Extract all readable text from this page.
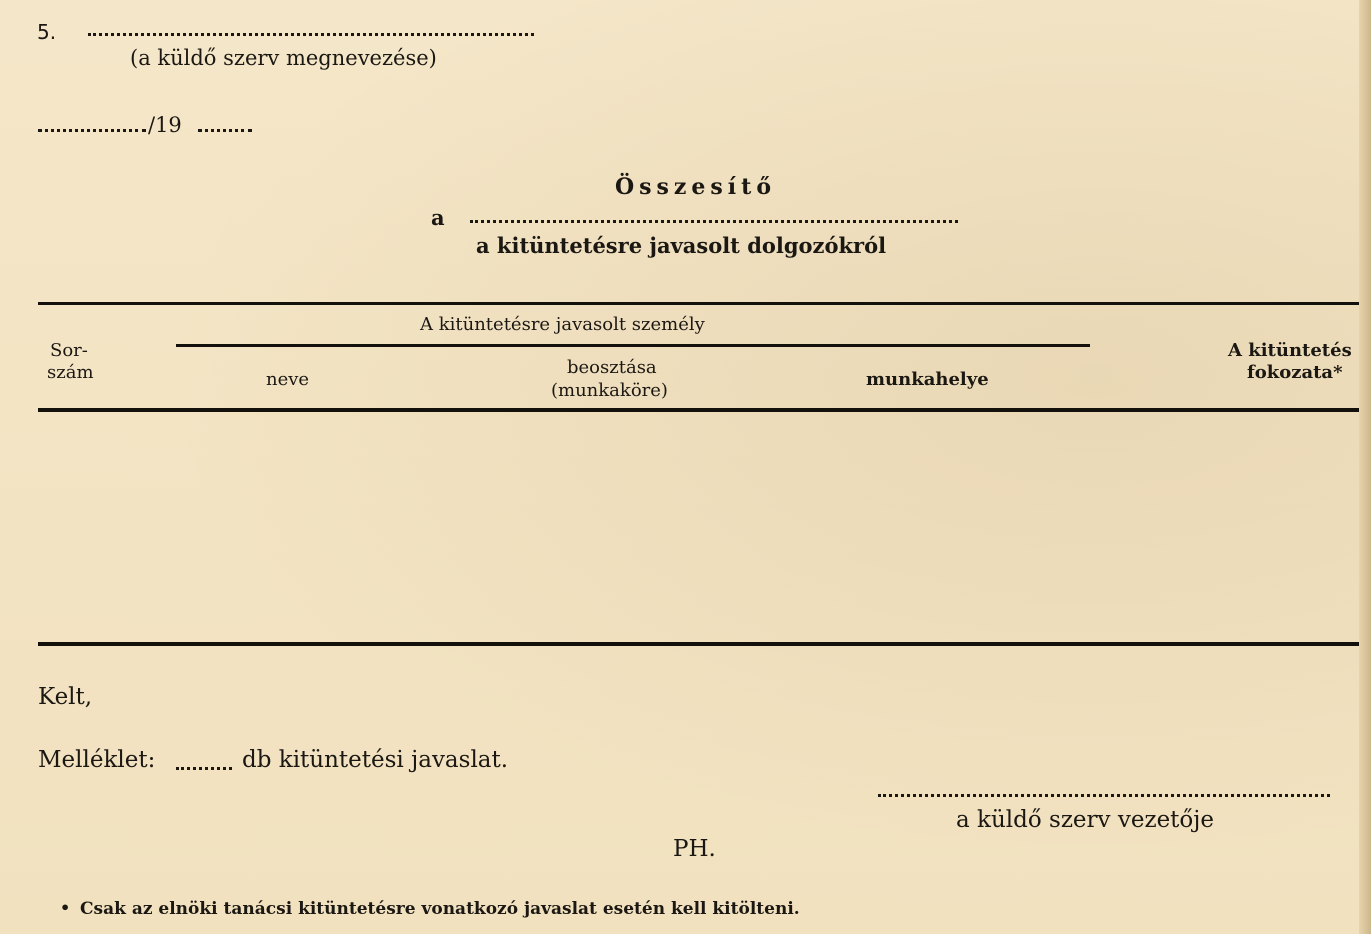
5.
(a küldő szerv megnevezése)
/19
Összesítő
a
a kitüntetésre javasolt dolgozókról
A kitüntetésre javasolt személy
Sor-
szám	neve
beosztása
(munkaköre)
munkahelye
A kitüntetés
fokozata*
Kelt,
Melléklet:	db kitüntetési javaslat.
a küldő szerv vezetője
PH.
• Csak az elnöki tanácsi kitüntetésre vonatkozó javaslat esetén kell kitölteni.
